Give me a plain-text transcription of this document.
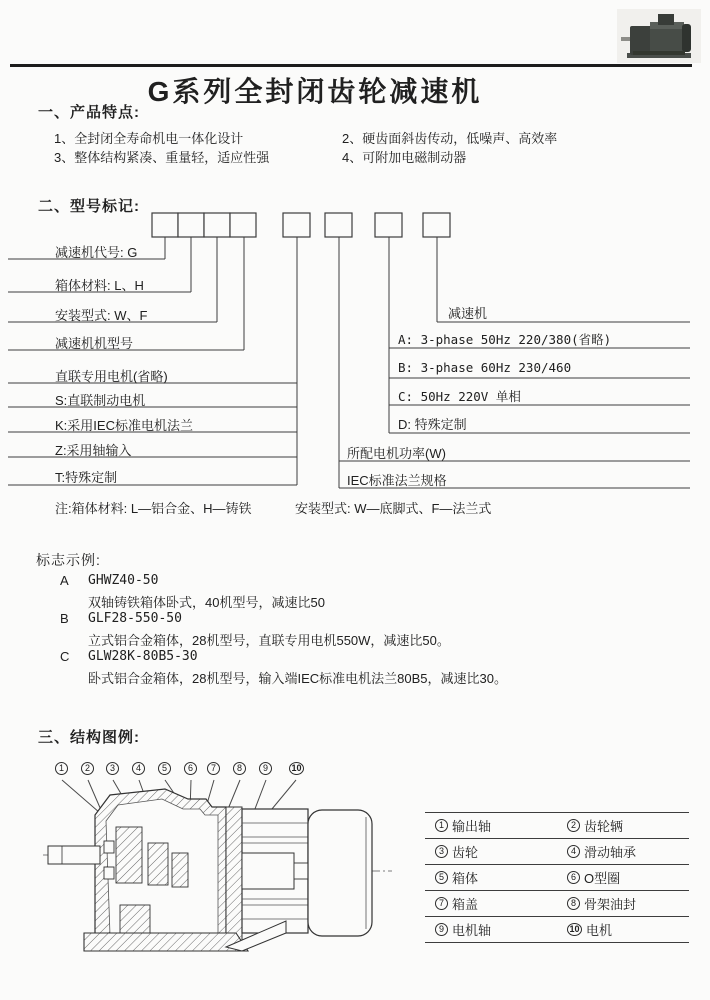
G系列全封闭齿轮减速机
一、产品特点:
1、全封闭全寿命机电一体化设计	2、硬齿面斜齿传动，低噪声、高效率
3、整体结构紧凑、重量轻，适应性强	4、可附加电磁制动器
二、型号标记:
减速机代号: G
箱体材料: L、H
安装型式: W、F
减速机机型号
直联专用电机(省略)
S:直联制动电机
K:采用IEC标准电机法兰
Z:采用轴输入
T:特殊定制
减速机
A: 3-phase 50Hz 220/380(省略)
B: 3-phase 60Hz 230/460
C: 50Hz 220V 单相
D: 特殊定制
所配电机功率(W)
IEC标准法兰规格
注:箱体材料: L—铝合金、H—铸铁	安装型式: W—底脚式、F—法兰式
标志示例:
A GHWZ40-50
双轴铸铁箱体卧式，40机型号，减速比50
B GLF28-550-50
立式铝合金箱体，28机型号，直联专用电机550W，减速比50。
C GLW28K-80B5-30
卧式铝合金箱体，28机型号，输入端IEC标准电机法兰80B5，减速比30。
三、结构图例:
1	2	3	4	5	6	7	8	9	10
1 输出轴	2 齿轮辆
3 齿轮	4 滑动轴承
5 箱体	6 O型圈
7 箱盖	8 骨架油封
9 电机轴	10 电机
